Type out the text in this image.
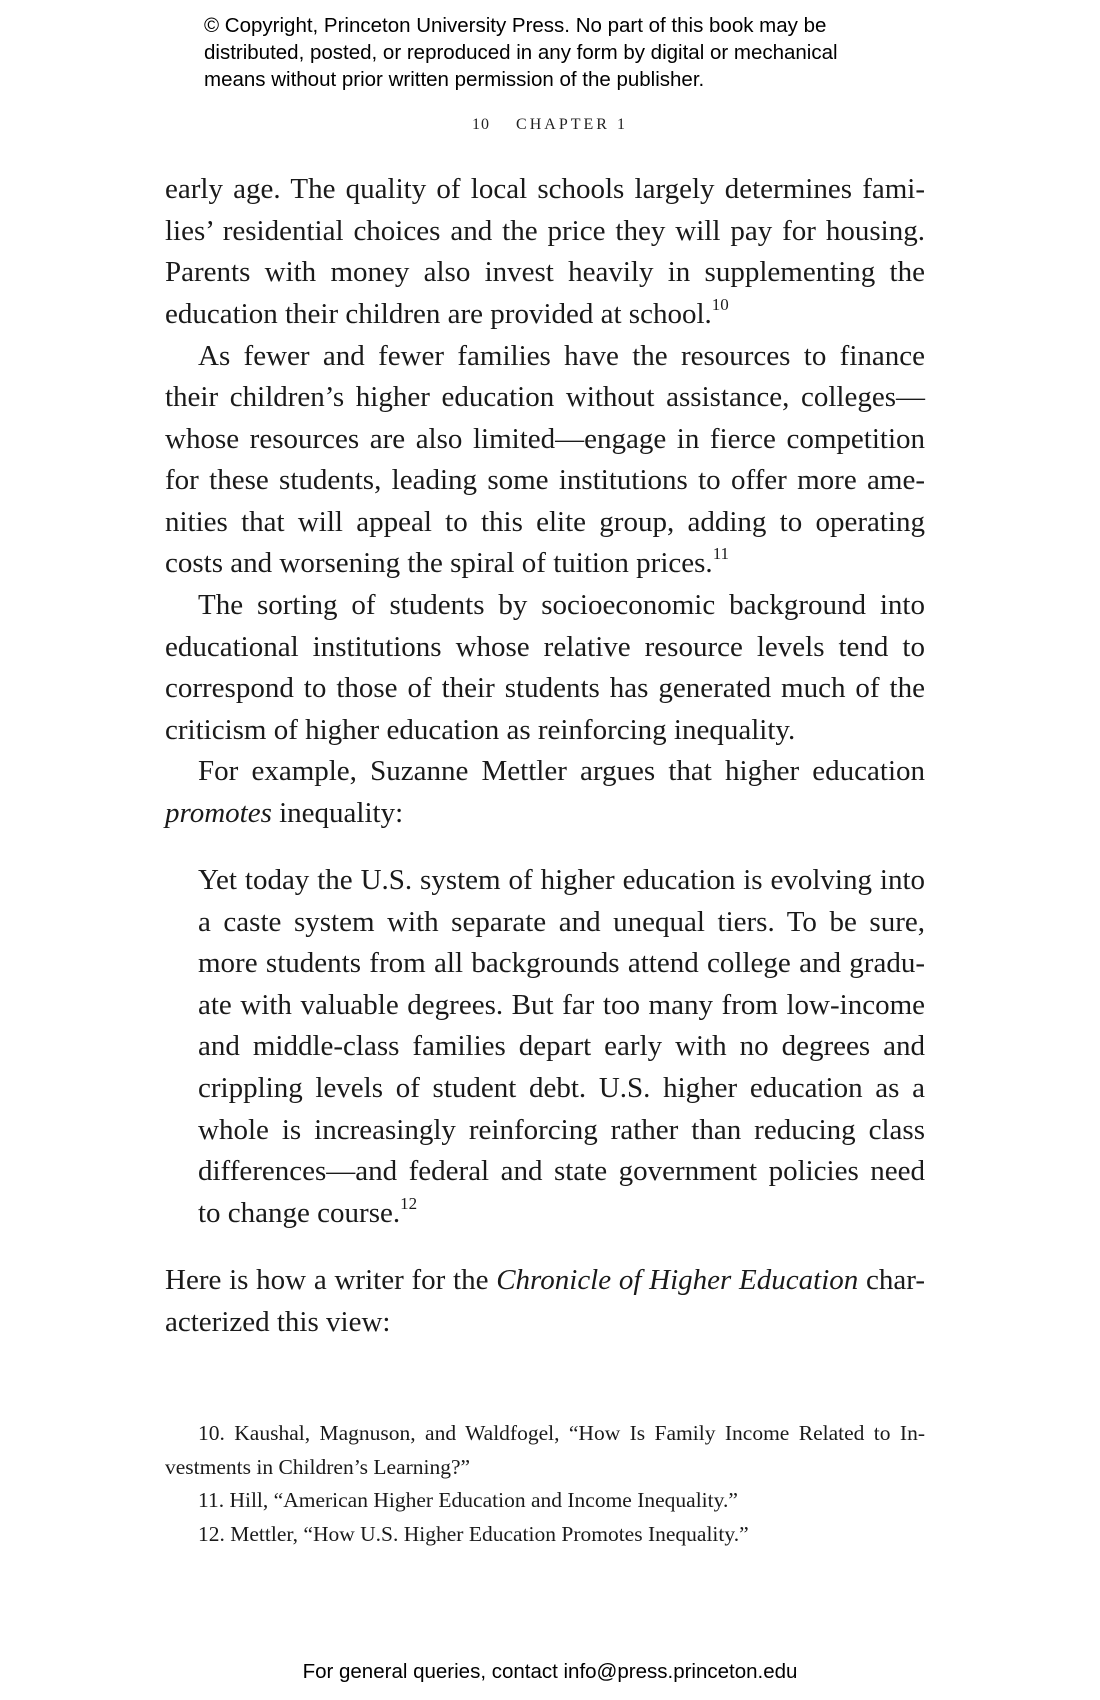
© Copyright, Princeton University Press. No part of this book may be
distributed, posted, or reproduced in any form by digital or mechanical
means without prior written permission of the publisher.
10 CHAPTER 1
early age. The quality of local schools largely determines fami-
lies’ residential choices and the price they will pay for housing.
Parents with money also invest heavily in supplementing the
education their children are provided at school.$^{10}$
As fewer and fewer families have the resources to finance
their children’s higher education without assistance, colleges—
whose resources are also limited—engage in fierce competition
for these students, leading some institutions to offer more ame-
nities that will appeal to this elite group, adding to operating
costs and worsening the spiral of tuition prices.$^{11}$
The sorting of students by socioeconomic background into
educational institutions whose relative resource levels tend to
correspond to those of their students has generated much of the
criticism of higher education as reinforcing inequality.
For example, Suzanne Mettler argues that higher education
promotes inequality:
Yet today the U.S. system of higher education is evolving into
a caste system with separate and unequal tiers. To be sure,
more students from all backgrounds attend college and gradu-
ate with valuable degrees. But far too many from low-income
and middle-class families depart early with no degrees and
crippling levels of student debt. U.S. higher education as a
whole is increasingly reinforcing rather than reducing class
differences—and federal and state government policies need
to change course.$^{12}$
Here is how a writer for the Chronicle of Higher Education char-
acterized this view:
10. Kaushal, Magnuson, and Waldfogel, “How Is Family Income Related to In-
vestments in Children’s Learning?”
11. Hill, “American Higher Education and Income Inequality.”
12. Mettler, “How U.S. Higher Education Promotes Inequality.”
For general queries, contact info@press.princeton.edu
